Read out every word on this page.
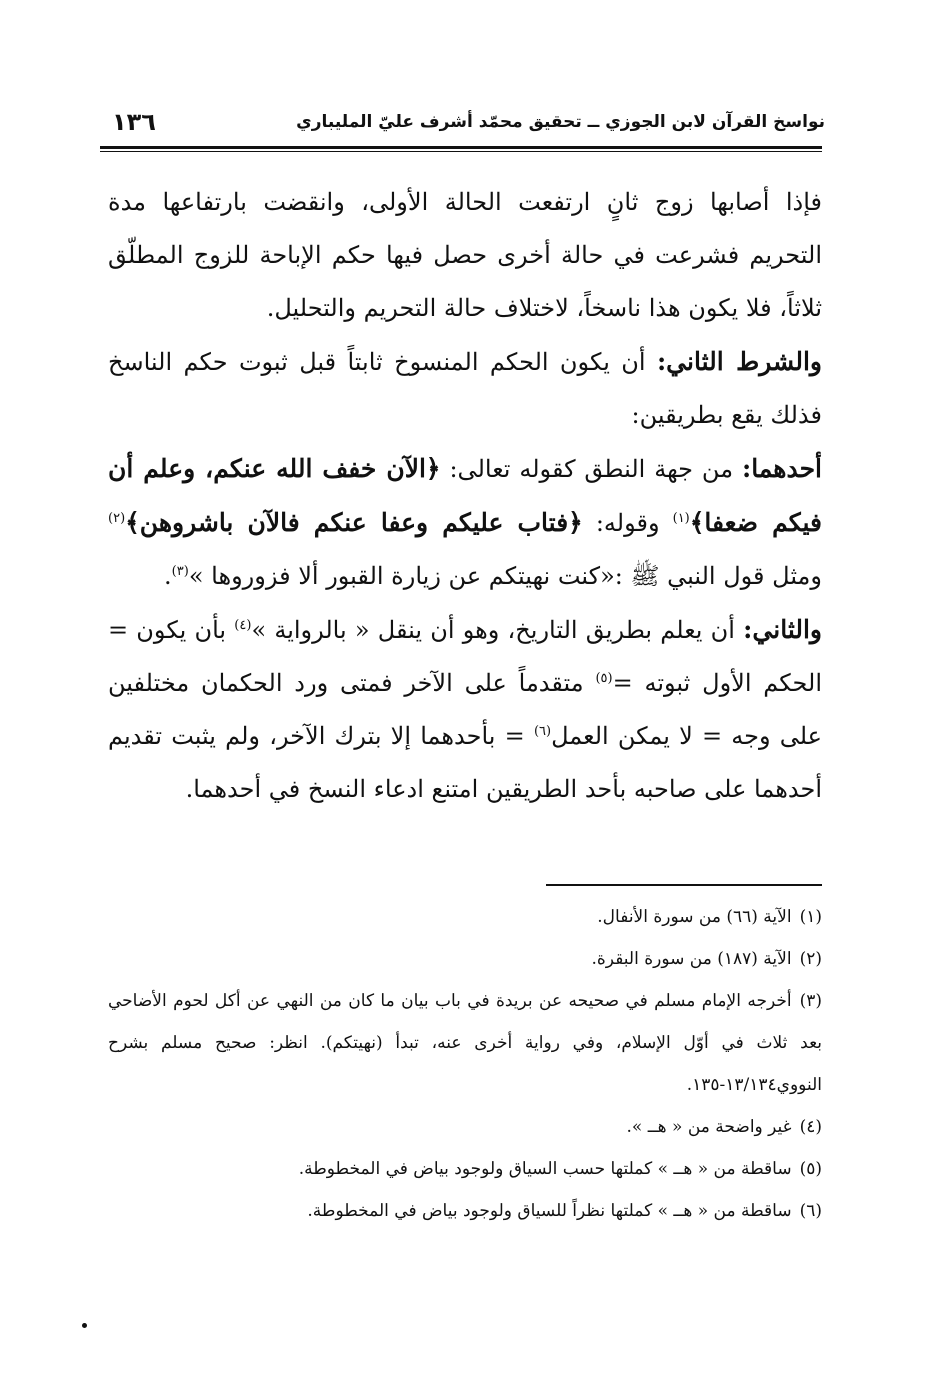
نواسخ القرآن لابن الجوزي ــ تحقيق محمّد أشرف عليّ المليباري
١٣٦

فإذا أصابها زوج ثانٍ ارتفعت الحالة الأولى، وانقضت بارتفاعها مدة التحريم فشرعت في حالة أخرى حصل فيها حكم الإباحة للزوج المطلّق ثلاثاً، فلا يكون هذا ناسخاً، لاختلاف حالة التحريم والتحليل.

والشرط الثاني: أن يكون الحكم المنسوخ ثابتاً قبل ثبوت حكم الناسخ فذلك يقع بطريقين:

أحدهما: من جهة النطق كقوله تعالى: ﴿الآن خفف الله عنكم، وعلم أن فيكم ضعفا﴾$^{(١)}$ وقوله: ﴿فتاب عليكم وعفا عنكم فالآن باشروهن﴾$^{(٢)}$ ومثل قول النبي ﷺ :«كنت نهيتكم عن زيارة القبور ألا فزوروها »$^{(٣)}$.

والثاني: أن يعلم بطريق التاريخ، وهو أن ينقل « بالرواية »$^{(٤)}$ بأن يكون = الحكم الأول ثبوته =$^{(٥)}$ متقدماً على الآخر فمتى ورد الحكمان مختلفين على وجه = لا يمكن العمل$^{(٦)}$ = بأحدهما إلا بترك الآخر، ولم يثبت تقديم أحدهما على صاحبه بأحد الطريقين امتنع ادعاء النسخ في أحدهما.

(١)الآية (٦٦) من سورة الأنفال.

(٢)الآية (١٨٧) من سورة البقرة.

(٣)أخرجه الإمام مسلم في صحيحه عن بريدة في باب بيان ما كان من النهي عن أكل لحوم الأضاحي بعد ثلاث في أوّل الإسلام، وفي رواية أخرى عنه، تبدأ (نهيتكم). انظر: صحيح مسلم بشرح النووي١٣/١٣٤-١٣٥.

(٤)غير واضحة من « هــ ».

(٥)ساقطة من « هــ » كملتها حسب السياق ولوجود بياض في المخطوطة.

(٦)ساقطة من « هــ » كملتها نظراً للسياق ولوجود بياض في المخطوطة.
